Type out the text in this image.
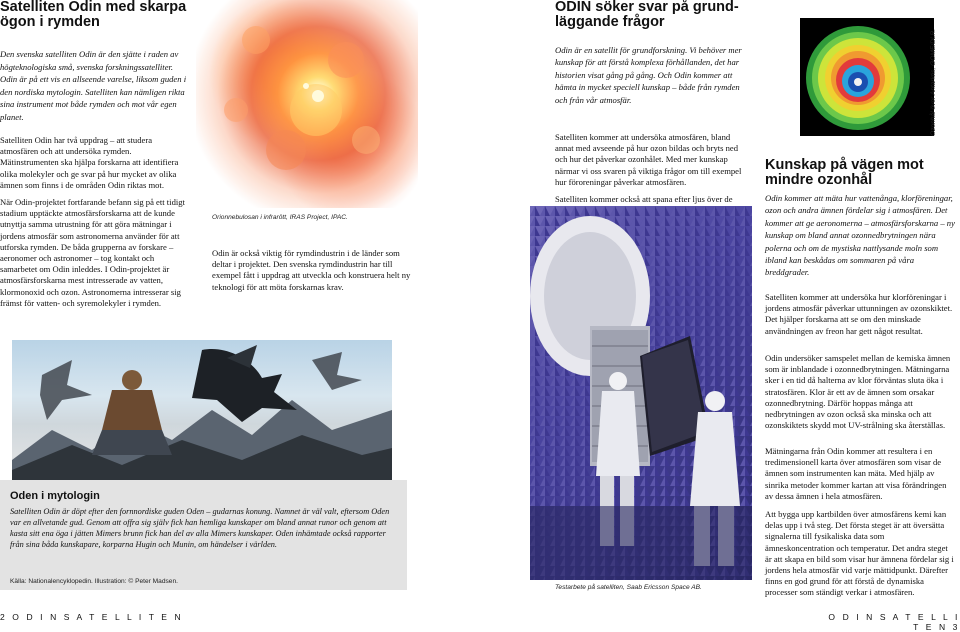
Satelliten Odin med skarpa
ögon i rymden

Den svenska satelliten Odin är den sjätte i raden av högteknologiska små, svenska forskningssatelliter. Odin är på ett vis en allseende varelse, liksom guden i den nordiska mytologin. Satelliten kan nämligen rikta sina instrument mot både rymden och mot vår egen planet.

Satelliten Odin har två uppdrag – att studera atmosfären och att undersöka rymden. Mätinstrumenten ska hjälpa forskarna att identifiera olika molekyler och ge svar på hur mycket av olika ämnen som finns i de områden Odin riktas mot.

När Odin-projektet fortfarande befann sig på ett tidigt stadium upptäckte atmosfärsforskarna att de kunde utnyttja samma utrustning för att göra mätningar i jordens atmosfär som astronomerna använder för att utforska rymden. De båda grupperna av forskare – aeronomer och astronomer – tog kontakt och samarbetet om Odin inleddes. I Odin-projektet är atmosfärsforskarna mest intresserade av vatten, klormonoxid och ozon. Astronomerna intresserar sig främst för vatten- och syremolekyler i rymden.

Orionnebulosan i infrarött, IRAS Project, IPAC.

Odin är också viktig för rymdindustrin i de länder som deltar i projektet. Den svenska rymdindustrin har till exempel fått i uppdrag att utveckla och konstruera helt ny teknologi för att möta forskarnas krav.

Oden i mytologin

Satelliten Odin är döpt efter den fornnordiske guden Oden – gudarnas konung. Namnet är väl valt, eftersom Oden var en allvetande gud. Genom att offra sig själv fick han hemliga kunskaper om bland annat runor och genom att kasta sitt ena öga i jätten Mimers brunn fick han del av alla Mimers kunskaper. Oden inhämtade också rapporter från sina båda kunskapare, korparna Hugin och Munin, om händelser i världen.

Källa: Nationalencyklopedin. Illustration: © Peter Madsen.
2 O D I N S A T E L L I T E N
ODIN söker svar på grund-
läggande frågor

Odin är en satellit för grundforskning. Vi behöver mer kunskap för att förstå komplexa förhållanden, det har historien visat gång på gång. Och Odin kommer att hämta in mycket speciell kunskap – både från rymden och från vår atmosfär.

Satelliten kommer att undersöka atmosfären, bland annat med avseende på hur ozon bildas och bryts ned och hur det påverkar ozonhålet. Med mer kunskap närmar vi oss svaren på viktiga frågor om till exempel hur föroreningar påverkar atmosfären.

Satelliten kommer också att spana efter ljus över de

Testarbete på satelliten, Saab Ericsson Space AB.
Ozonhål över Antarktis, GOME/DLR.
Kunskap på vägen mot
mindre ozonhål

Odin kommer att mäta hur vattenånga, klorföreningar, ozon och andra ämnen fördelar sig i atmosfären. Det kommer att ge aeronomerna – atmosfärsforskarna – ny kunskap om bland annat ozonnedbrytningen nära polerna och om de mystiska nattlysande moln som ibland kan beskådas om sommaren på våra breddgrader.

Satelliten kommer att undersöka hur klorföreningar i jordens atmosfär påverkar uttunningen av ozonskiktet. Det hjälper forskarna att se om den minskade användningen av freon har gett något resultat.

Odin undersöker samspelet mellan de kemiska ämnen som är inblandade i ozonnedbrytningen. Mätningarna sker i en tid då halterna av klor förväntas sluta öka i stratosfären. Klor är ett av de ämnen som orsakar ozonnedbrytning. Därför hoppas många att nedbrytningen av ozon också ska minska och att ozonskiktets skydd mot UV-strålning ska återställas.

Mätningarna från Odin kommer att resultera i en tredimensionell karta över atmosfären som visar de ämnen som instrumenten kan mäta. Med hjälp av sinrika metoder kommer kartan att visa förändringen av dessa ämnen i hela atmosfären.

Att bygga upp kartbilden över atmosfärens kemi kan delas upp i två steg. Det första steget är att översätta signalerna till fysikaliska data som ämneskoncentration och temperatur. Det andra steget är att skapa en bild som visar hur ämnena fördelar sig i jordens hela atmosfär vid varje mättidpunkt. Därefter finns en god grund för att förstå de dynamiska processer som ständigt verkar i atmosfären.

O D I N S A T E L L I T E N 3
